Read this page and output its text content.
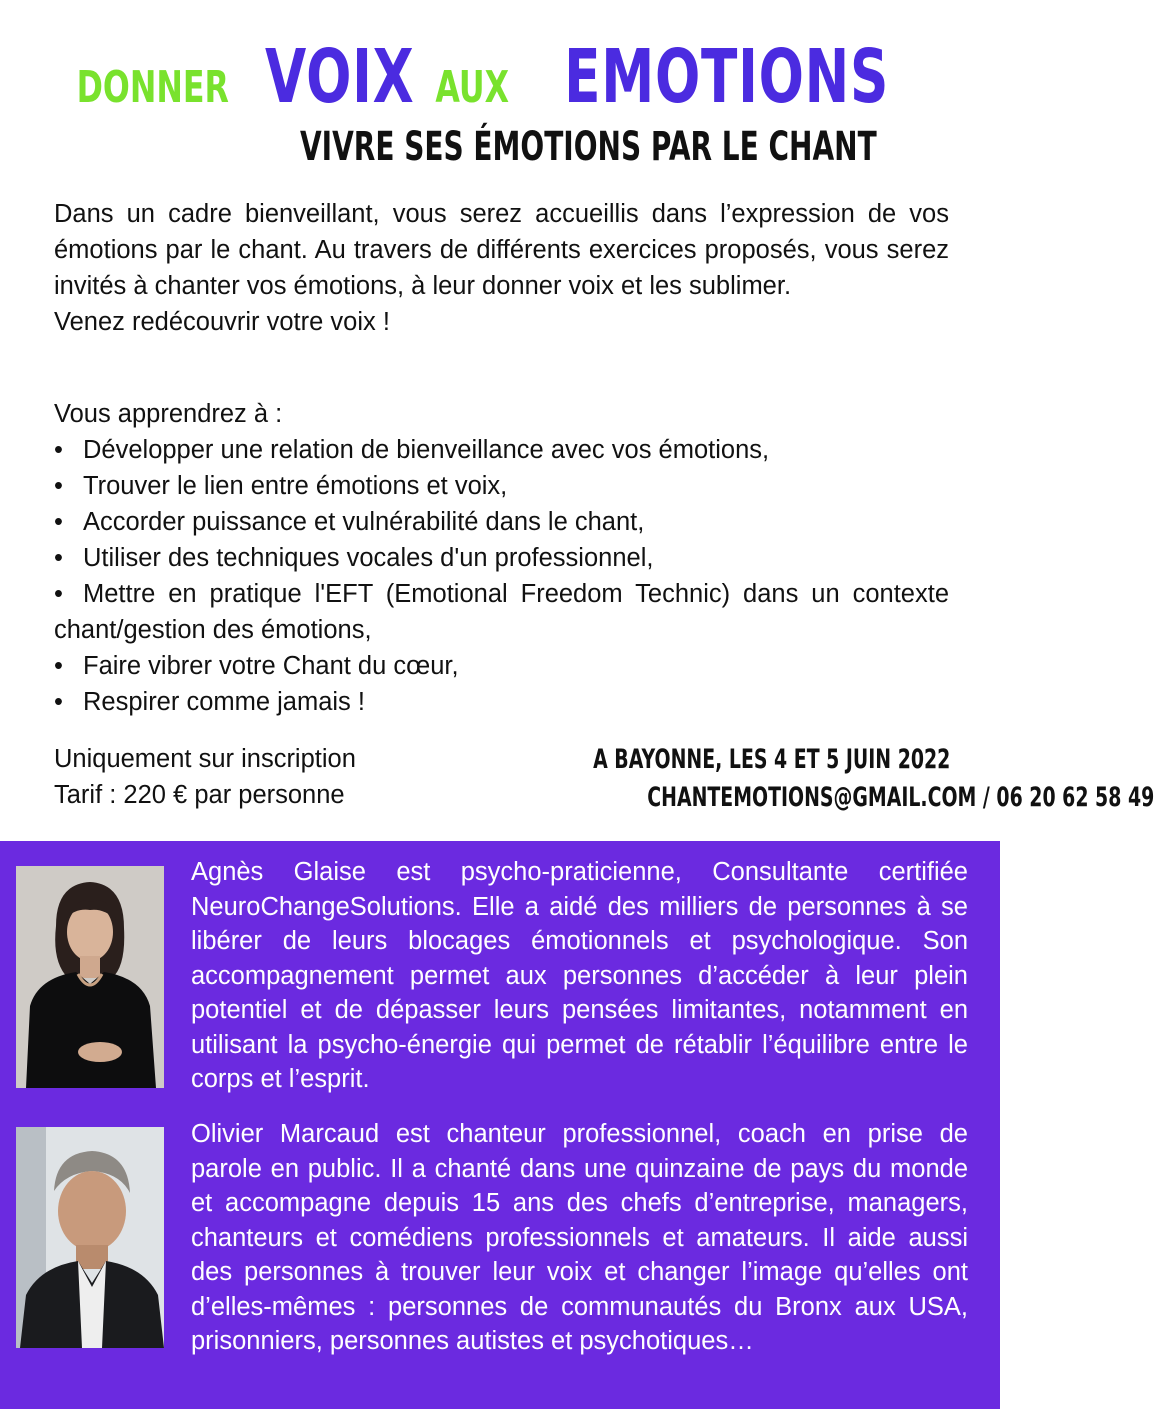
DONNER VOIX AUX EMOTIONS
VIVRE SES ÉMOTIONS PAR LE CHANT

Dans un cadre bienveillant, vous serez accueillis dans l’expression de vos émotions par le chant. Au travers de différents exercices proposés, vous serez invités à chanter vos émotions, à leur donner voix et les sublimer.

Venez redécouvrir votre voix !

Vous apprendrez à :

• Développer une relation de bienveillance avec vos émotions,
• Trouver le lien entre émotions et voix,
• Accorder puissance et vulnérabilité dans le chant,
• Utiliser des techniques vocales d'un professionnel,
• Mettre en pratique l'EFT (Emotional Freedom Technic) dans un contexte chant/gestion des émotions,
• Faire vibrer votre Chant du cœur,
• Respirer comme jamais !
Uniquement sur inscription
Tarif : 220 € par personne
A BAYONNE, LES 4 ET 5 JUIN 2022
CHANTEMOTIONS@GMAIL.COM / 06 20 62 58 49
Agnès Glaise est psycho-praticienne, Consultante certifiée NeuroChangeSolutions. Elle a aidé des milliers de personnes à se libérer de leurs blocages émotionnels et psychologique. Son accompagnement permet aux personnes d’accéder à leur plein potentiel et de dépasser leurs pensées limitantes, notamment en utilisant la psycho-énergie qui permet de rétablir l’équilibre entre le corps et l’esprit.
Olivier Marcaud est chanteur professionnel, coach en prise de parole en public. Il a chanté dans une quinzaine de pays du monde et accompagne depuis 15 ans des chefs d’entreprise, managers, chanteurs et comédiens professionnels et amateurs. Il aide aussi des personnes à trouver leur voix et changer l’image qu’elles ont d’elles-mêmes : personnes de communautés du Bronx aux USA, prisonniers, personnes autistes et psychotiques…
